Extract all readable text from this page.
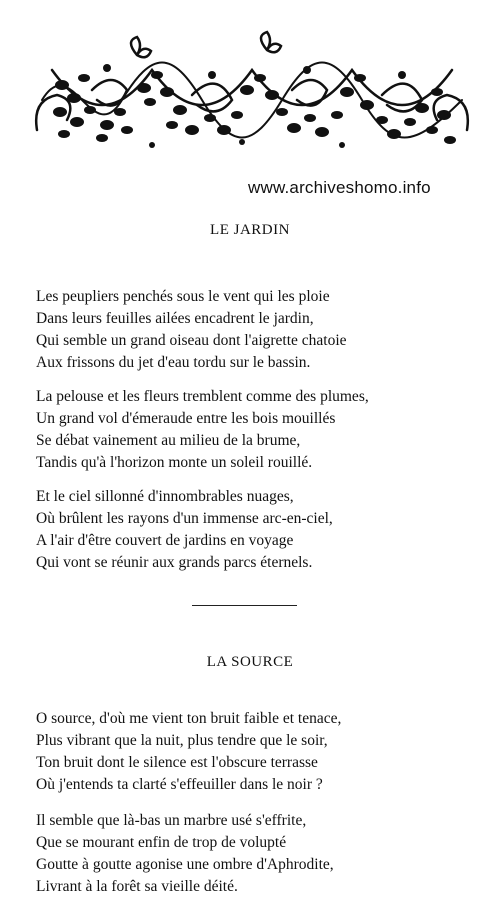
www.archiveshomo.info
LE JARDIN
Les peupliers penchés sous le vent qui les ploie
Dans leurs feuilles ailées encadrent le jardin,
Qui semble un grand oiseau dont l'aigrette chatoie
Aux frissons du jet d'eau tordu sur le bassin.
La pelouse et les fleurs tremblent comme des plumes,
Un grand vol d'émeraude entre les bois mouillés
Se débat vainement au milieu de la brume,
Tandis qu'à l'horizon monte un soleil rouillé.
Et le ciel sillonné d'innombrables nuages,
Où brûlent les rayons d'un immense arc-en-ciel,
A l'air d'être couvert de jardins en voyage
Qui vont se réunir aux grands parcs éternels.
LA SOURCE
O source, d'où me vient ton bruit faible et tenace,
Plus vibrant que la nuit, plus tendre que le soir,
Ton bruit dont le silence est l'obscure terrasse
Où j'entends ta clarté s'effeuiller dans le noir ?
Il semble que là-bas un marbre usé s'effrite,
Que se mourant enfin de trop de volupté
Goutte à goutte agonise une ombre d'Aphrodite,
Livrant à la forêt sa vieille déité.
